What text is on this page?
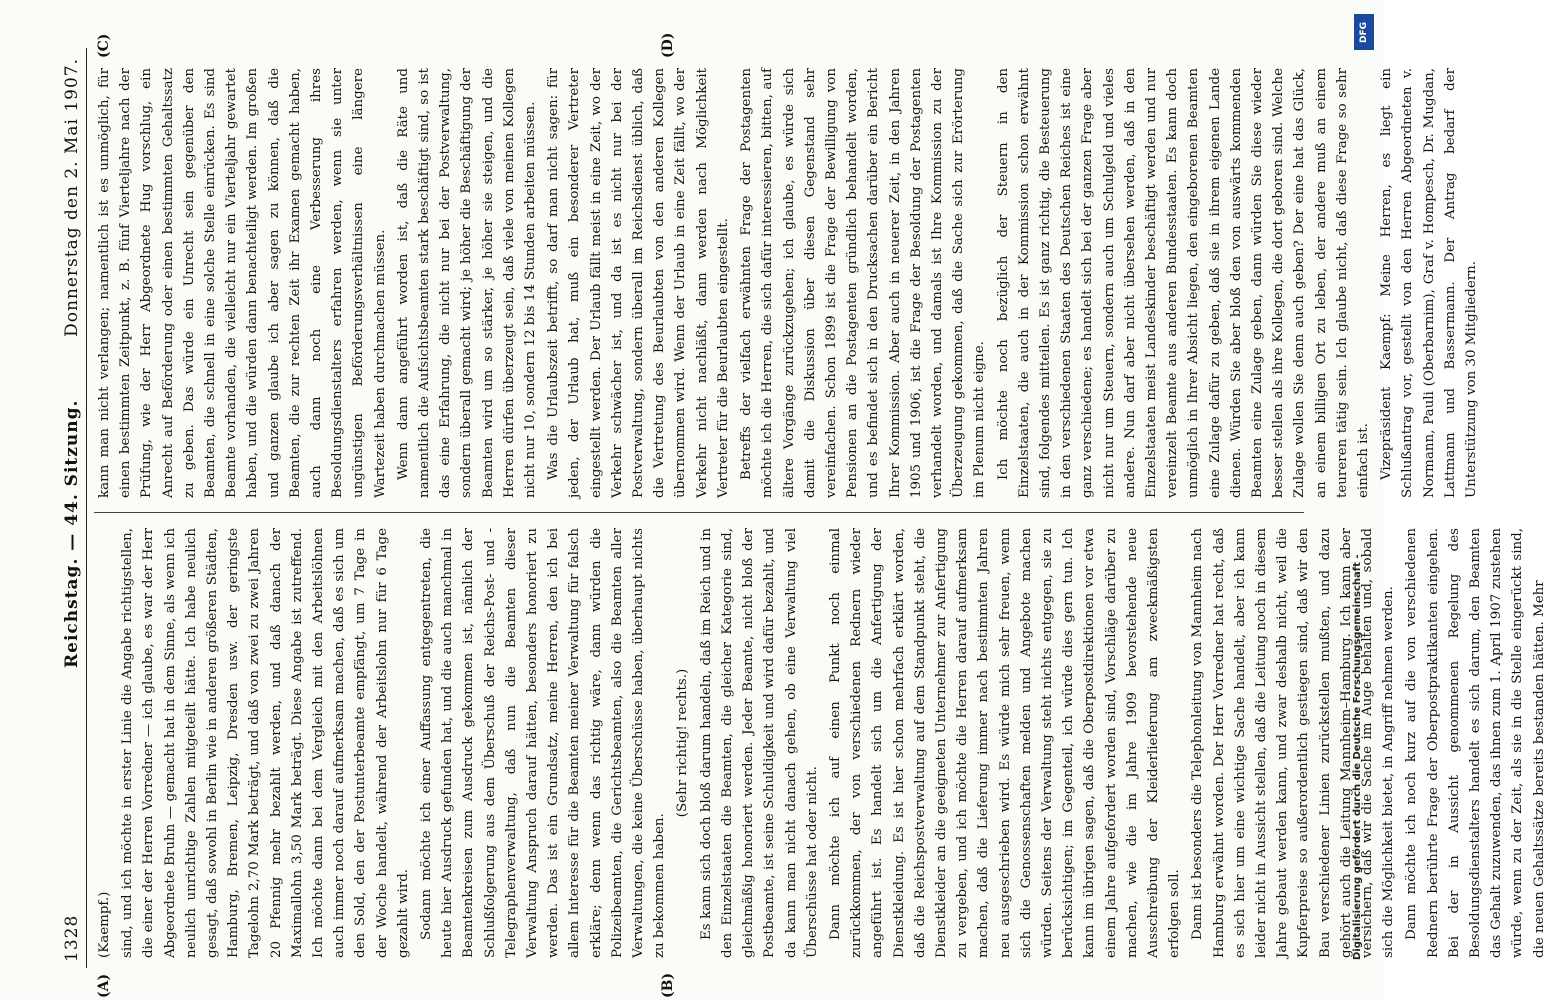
1328
Reichstag. — 44. Sitzung.
Donnerstag den 2. Mai 1907.
(A)	(B)
(C)	(D)

(Kaempf.) sind, und ich möchte in erster Linie die Angabe richtigstellen, die einer der Herren Vorredner — ich glaube, es war der Herr Abgeordnete Bruhn — gemacht hat in dem Sinne, als wenn ich neulich unrichtige Zahlen mitgeteilt hätte. Ich habe neulich gesagt, daß sowohl in Berlin wie in anderen größeren Städten, Hamburg, Bremen, Leipzig, Dresden usw. der geringste Tagelohn 2,70 Mark beträgt, und daß von zwei zu zwei Jahren 20 Pfennig mehr bezahlt werden, und daß danach der Maximallohn 3,50 Mark beträgt. Diese Angabe ist zutreffend. Ich möchte dann bei dem Vergleich mit den Arbeitslöhnen auch immer noch darauf aufmerksam machen, daß es sich um den Sold, den der Postunterbeamte empfängt, um 7 Tage in der Woche handelt, während der Arbeitslohn nur für 6 Tage gezahlt wird. Sodann möchte ich einer Auffassung entgegentreten, die heute hier Ausdruck gefunden hat, und die auch manchmal in Beamtenkreisen zum Ausdruck gekommen ist, nämlich der Schlußfolgerung aus dem Überschuß der Reichs-Post- und -Telegraphenverwaltung, daß nun die Beamten dieser Verwaltung Anspruch darauf hätten, besonders honoriert zu werden. Das ist ein Grundsatz, meine Herren, den ich bei allem Interesse für die Beamten meiner Verwaltung für falsch erkläre; denn wenn das richtig wäre, dann würden die Polizeibeamten, die Gerichtsbeamten, also die Beamten aller Verwaltungen, die keine Überschüsse haben, überhaupt nichts zu bekommen haben.

(Sehr richtig! rechts.) Es kann sich doch bloß darum handeln, daß im Reich und in den Einzelstaaten die Beamten, die gleicher Kategorie sind, gleichmäßig honoriert werden. Jeder Beamte, nicht bloß der Postbeamte, ist seine Schuldigkeit und wird dafür bezahlt, und da kann man nicht danach gehen, ob eine Verwaltung viel Überschüsse hat oder nicht. Dann möchte ich auf einen Punkt noch einmal zurückkommen, der von verschiedenen Rednern wieder angeführt ist. Es handelt sich um die Anfertigung der Dienstkleidung. Es ist hier schon mehrfach erklärt worden, daß die Reichspostverwaltung auf dem Standpunkt steht, die Dienstkleider an die geeigneten Unternehmer zur Anfertigung zu vergeben, und ich möchte die Herren darauf aufmerksam machen, daß die Lieferung immer nach bestimmten Jahren neu ausgeschrieben wird. Es würde mich sehr freuen, wenn sich die Genossenschaften melden und Angebote machen würden. Seitens der Verwaltung steht nichts entgegen, sie zu berücksichtigen; im Gegenteil, ich würde dies gern tun. Ich kann im übrigen sagen, daß die Oberpostdirektionen vor etwa einem Jahre aufgefordert worden sind, Vorschläge darüber zu machen, wie die im Jahre 1909 bevorstehende neue Ausschreibung der Kleiderlieferung am zweckmäßigsten erfolgen soll. Dann ist besonders die Telephonleitung von Mannheim nach Hamburg erwähnt worden. Der Herr Vorredner hat recht, daß es sich hier um eine wichtige Sache handelt, aber ich kann leider nicht in Aussicht stellen, daß die Leitung noch in diesem Jahre gebaut werden kann, und zwar deshalb nicht, weil die Kupferpreise so außerordentlich gestiegen sind, daß wir den Bau verschiedener Linien zurückstellen mußten, und dazu gehört auch die Leitung Mannheim–Hamburg. Ich kann aber versichern, daß wir die Sache im Auge behalten und, sobald sich die Möglichkeit bietet, in Angriff nehmen werden. Dann möchte ich noch kurz auf die von verschiedenen Rednern berührte Frage der Oberpostpraktikanten eingehen. Bei der in Aussicht genommenen Regelung des Besoldungsdienstalters handelt es sich darum, den Beamten das Gehalt zuzuwenden, das ihnen zum 1. April 1907 zustehen würde, wenn zu der Zeit, als sie in die Stelle eingerückt sind, die neuen Gehaltssätze bereits bestanden hätten. Mehr

kann man nicht verlangen; namentlich ist es unmöglich, für einen bestimmten Zeitpunkt, z. B. fünf Vierteljahre nach der Prüfung, wie der Herr Abgeordnete Hug vorschlug, ein Anrecht auf Beförderung oder einen bestimmten Gehaltssatz zu geben. Das würde ein Unrecht sein gegenüber den Beamten, die schnell in eine solche Stelle einrücken. Es sind Beamte vorhanden, die vielleicht nur ein Vierteljahr gewartet haben, und die würden dann benachteiligt werden. Im großen und ganzen glaube ich aber sagen zu können, daß die Beamten, die zur rechten Zeit ihr Examen gemacht haben, auch dann noch eine Verbesserung ihres Besoldungsdienstalters erfahren werden, wenn sie unter ungünstigen Beförderungsverhältnissen eine längere Wartezeit haben durchmachen müssen. Wenn dann angeführt worden ist, daß die Räte und namentlich die Aufsichtsbeamten stark beschäftigt sind, so ist das eine Erfahrung, die nicht nur bei der Postverwaltung, sondern überall gemacht wird; je höher die Beschäftigung der Beamten wird um so stärker, je höher sie steigen, und die Herren dürfen überzeugt sein, daß viele von meinen Kollegen nicht nur 10, sondern 12 bis 14 Stunden arbeiten müssen. Was die Urlaubszeit betrifft, so darf man nicht sagen: für jeden, der Urlaub hat, muß ein besonderer Vertreter eingestellt werden. Der Urlaub fällt meist in eine Zeit, wo der Verkehr schwächer ist, und da ist es nicht nur bei der Postverwaltung, sondern überall im Reichsdienst üblich, daß die Vertretung des Beurlaubten von den anderen Kollegen übernommen wird. Wenn der Urlaub in eine Zeit fällt, wo der Verkehr nicht nachläßt, dann werden nach Möglichkeit Vertreter für die Beurlaubten eingestellt. Betreffs der vielfach erwähnten Frage der Postagenten möchte ich die Herren, die sich dafür interessieren, bitten, auf ältere Vorgänge zurückzugehen; ich glaube, es würde sich damit die Diskussion über diesen Gegenstand sehr vereinfachen. Schon 1899 ist die Frage der Bewilligung von Pensionen an die Postagenten gründlich behandelt worden, und es befindet sich in den Drucksachen darüber ein Bericht Ihrer Kommission. Aber auch in neuerer Zeit, in den Jahren 1905 und 1906, ist die Frage der Besoldung der Postagenten verhandelt worden, und damals ist Ihre Kommission zu der Überzeugung gekommen, daß die Sache sich zur Erörterung im Plenum nicht eigne. Ich möchte noch bezüglich der Steuern in den Einzelstaaten, die auch in der Kommission schon erwähnt sind, folgendes mitteilen. Es ist ganz richtig, die Besteuerung in den verschiedenen Staaten des Deutschen Reiches ist eine ganz verschiedene; es handelt sich bei der ganzen Frage aber nicht nur um Steuern, sondern auch um Schulgeld und vieles andere. Nun darf aber nicht übersehen werden, daß in den Einzelstaaten meist Landeskinder beschäftigt werden und nur vereinzelt Beamte aus anderen Bundesstaaten. Es kann doch unmöglich in Ihrer Absicht liegen, den eingeborenen Beamten eine Zulage dafür zu geben, daß sie in ihrem eigenen Lande dienen. Würden Sie aber bloß den von auswärts kommenden Beamten eine Zulage geben, dann würden Sie diese wieder besser stellen als ihre Kollegen, die dort geboren sind. Welche Zulage wollen Sie denn auch geben? Der eine hat das Glück, an einem billigen Ort zu leben, der andere muß an einem teureren tätig sein. Ich glaube nicht, daß diese Frage so sehr einfach ist. Vizepräsident Kaempf: Meine Herren, es liegt ein Schlußantrag vor, gestellt von den Herren Abgeordneten v. Normann, Pauli (Oberbarnim), Graf v. Hompesch, Dr. Mugdan, Lattmann und Bassermann. Der Antrag bedarf der Unterstützung von 30 Mitgliedern.

DFG
Digitalisierung gefördert durch die Deutsche Forschungsgemeinschaft -
